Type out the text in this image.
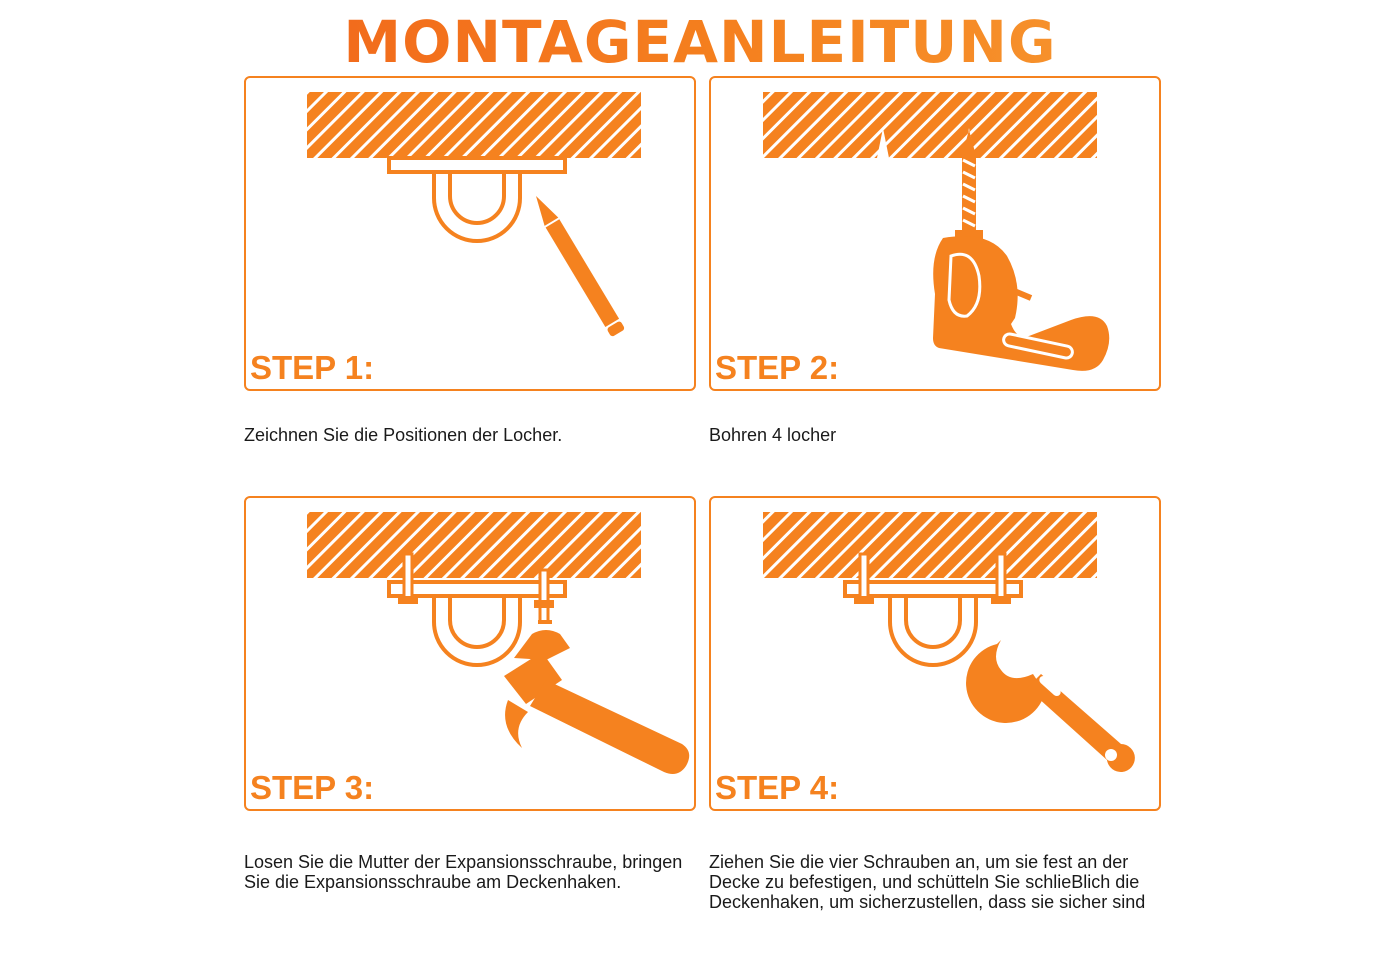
MONTAGEANLEITUNG
STEP 1:
Zeichnen Sie die Positionen der Locher.
STEP 2:
Bohren 4 locher
STEP 3:
Losen Sie die Mutter der Expansionsschraube, bringen Sie die Expansionsschraube am Deckenhaken.
STEP 4:
Ziehen Sie die vier Schrauben an, um sie fest an der Decke zu befestigen, und schütteln Sie schlieBlich die Deckenhaken, um sicherzustellen, dass sie sicher sind
